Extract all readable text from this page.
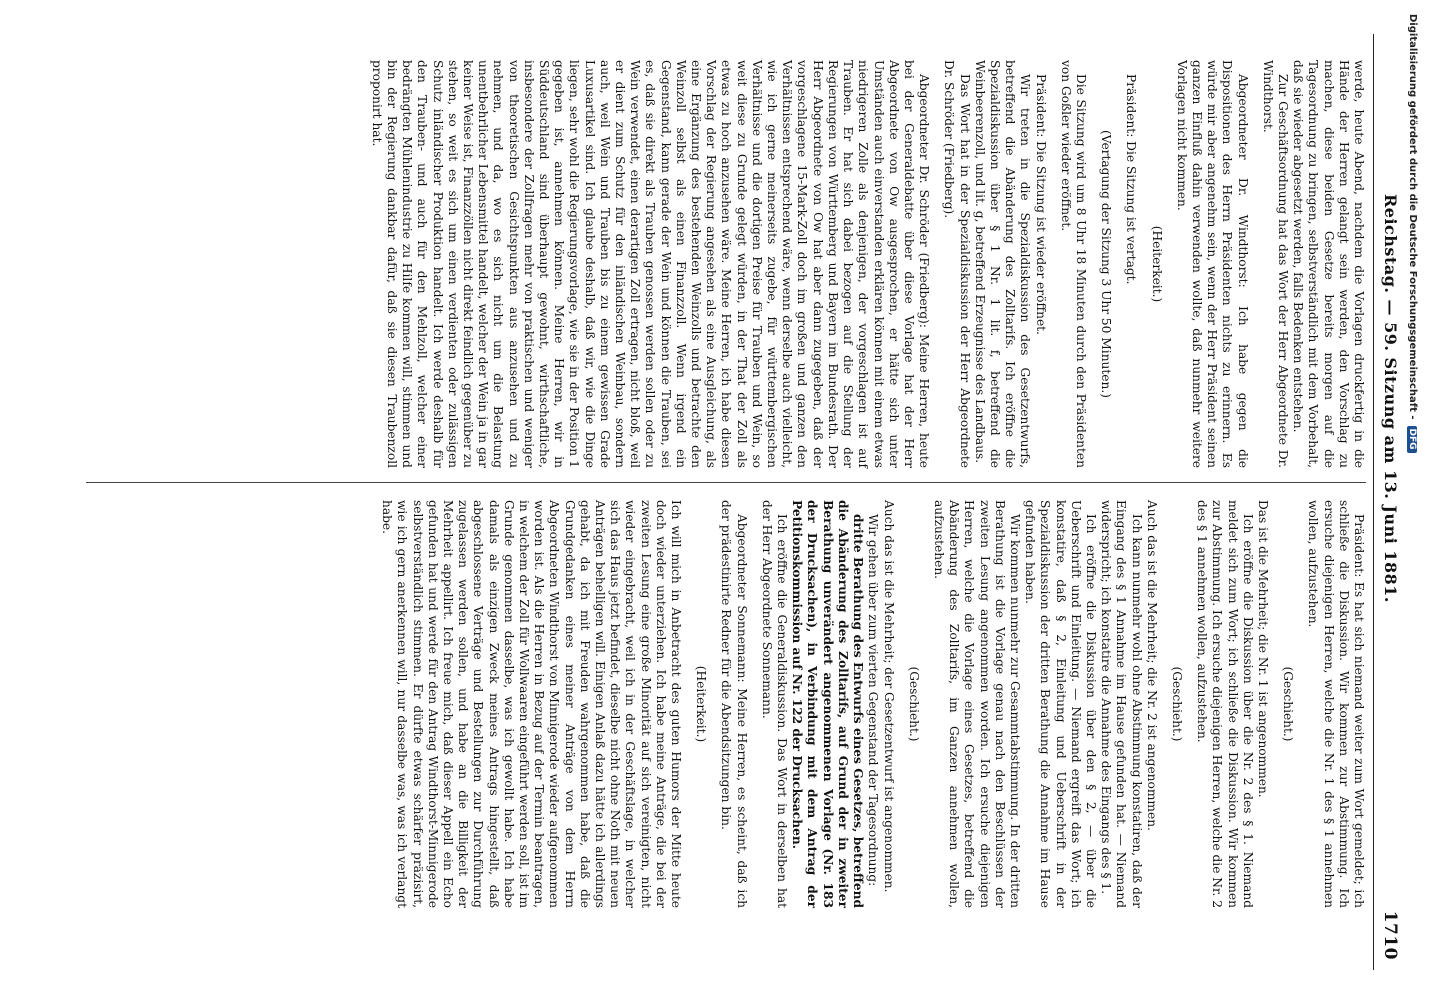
Reichstag. — 59. Sitzung am 13. Juni 1881.
1710

werde, heute Abend, nachdem die Vorlagen druckfertig in die Hände der Herren gelangt sein werden, den Vorschlag zu machen, diese beiden Gesetze bereits morgen auf die Tagesordnung zu bringen, selbstverständlich mit dem Vorbehalt, daß sie wieder abgesetzt werden, falls Bedenken entstehen.

Zur Geschäftsordnung hat das Wort der Herr Abgeordnete Dr. Windthorst.

Abgeordneter Dr. Windthorst: Ich habe gegen die Dispositionen des Herrn Präsidenten nichts zu erinnern. Es würde mir aber angenehm sein, wenn der Herr Präsident seinen ganzen Einfluß dahin verwenden wollte, daß nunmehr weitere Vorlagen nicht kommen.

(Heiterkeit.)

Präsident: Die Sitzung ist vertagt.

(Vertagung der Sitzung 3 Uhr 50 Minuten.)

Die Sitzung wird um 8 Uhr 18 Minuten durch den Präsidenten von Goßler wieder eröffnet.

Präsident: Die Sitzung ist wieder eröffnet.

Wir treten in die Spezialdiskussion des Gesetzentwurfs, betreffend die Abänderung des Zolltarifs. Ich eröffne die Spezialdiskussion über § 1 Nr. 1 lit. f, betreffend die Weinbeerenzoll, und lit. g, betreffend Erzeugnisse des Landbaus.

Das Wort hat in der Spezialdiskussion der Herr Abgeordnete Dr. Schröder (Friedberg).

Abgeordneter Dr. Schröder (Friedberg): Meine Herren, heute bei der Generaldebatte über diese Vorlage hat der Herr Abgeordnete von Ow ausgesprochen, er hätte sich unter Umständen auch einverstanden erklären können mit einem etwas niedrigeren Zolle als denjenigen, der vorgeschlagen ist auf Trauben. Er hat sich dabei bezogen auf die Stellung der Regierungen von Württemberg und Bayern im Bundesrath. Der Herr Abgeordnete von Ow hat aber dann zugegeben, daß der vorgeschlagene 15-Mark-Zoll doch im großen und ganzen den Verhältnissen entsprechend wäre, wenn derselbe auch vielleicht, wie ich gerne meinerseits zugebe, für württembergischen Verhältnisse und die dortigen Preise für Trauben und Wein, so weit diese zu Grunde gelegt würden, in der That der Zoll als etwas zu hoch anzusehen wäre. Meine Herren, ich habe diesen Vorschlag der Regierung angesehen als eine Ausgleichung, als eine Ergänzung des bestehenden Weinzolls und betrachte den Weinzoll selbst als einen Finanzzoll. Wenn irgend ein Gegenstand, kann gerade der Wein und können die Trauben, sei es, daß sie direkt als Trauben genossen werden sollen oder zu Wein verwendet, einen derartigen Zoll ertragen, nicht bloß, weil er dient zum Schutz für den inländischen Weinbau, sondern auch, weil Wein und Trauben bis zu einem gewissen Grade Luxusartikel sind. Ich glaube deshalb, daß wir, wie die Dinge liegen, sehr wohl die Regierungsvorlage, wie sie in der Position 1 gegeben ist, annehmen können. Meine Herren, wir in Süddeutschland sind überhaupt gewohnt, wirthschaftliche, insbesondere der Zollfragen mehr von praktischen und weniger von theoretischen Gesichtspunkten aus anzusehen und zu nehmen, und da, wo es sich nicht um die Belastung unentbehrlicher Lebensmittel handelt, welcher der Wein ja in gar keiner Weise ist, Finanzzöllen nicht direkt feindlich gegenüber zu stehen, so weit es sich um einen verdienten oder zulässigen Schutz inländischer Produktion handelt. Ich werde deshalb für den Trauben- und auch für den Mehlzoll, welcher einer bedrängten Mühlenindustrie zu Hilfe kommen will, stimmen und bin der Regierung dankbar dafür, daß sie diesen Traubenzoll proponirt hat.

Präsident: Es hat sich niemand weiter zum Wort gemeldet; ich schließe die Diskussion. Wir kommen zur Abstimmung. Ich ersuche diejenigen Herren, welche die Nr. 1 des § 1 annehmen wollen, aufzustehen.

(Geschieht.)

Das ist die Mehrheit; die Nr. 1 ist angenommen.

Ich eröffne die Diskussion über die Nr. 2 des § 1. Niemand meldet sich zum Wort; ich schließe die Diskussion. Wir kommen zur Abstimmung. Ich ersuche diejenigen Herren, welche die Nr. 2 des § 1 annehmen wollen, aufzustehen.

(Geschieht.)

Auch das ist die Mehrheit; die Nr. 2 ist angenommen.

Ich kann nunmehr wohl ohne Abstimmung konstatiren, daß der Eingang des § 1 Annahme im Hause gefunden hat. — Niemand widerspricht; ich konstatire die Annahme des Eingangs des § 1.

Ich eröffne die Diskussion über den § 2, — über die Ueberschrift und Einleitung. — Niemand ergreift das Wort; ich konstatire, daß § 2, Einleitung und Ueberschrift in der Spezialdiskussion der dritten Berathung die Annahme im Hause gefunden haben.

Wir kommen nunmehr zur Gesammtabstimmung. In der dritten Berathung ist die Vorlage genau nach den Beschlüssen der zweiten Lesung angenommen worden. Ich ersuche diejenigen Herren, welche die Vorlage eines Gesetzes, betreffend die Abänderung des Zolltarifs, im Ganzen annehmen wollen, aufzustehen.

(Geschieht.)

Auch das ist die Mehrheit; der Gesetzentwurf ist angenommen.

Wir gehen über zum vierten Gegenstand der Tagesordnung:

dritte Berathung des Entwurfs eines Gesetzes, betreffend die Abänderung des Zolltarifs, auf Grund der in zweiter Berathung unverändert angenommenen Vorlage (Nr. 183 der Drucksachen), in Verbindung mit dem Antrag der Petitionskommission auf Nr. 122 der Drucksachen.

Ich eröffne die Generaldiskussion. Das Wort in derselben hat der Herr Abgeordnete Sonnemann.

Abgeordneter Sonnemann: Meine Herren, es scheint, daß ich der prädestinirte Redner für die Abendsitzungen bin.

(Heiterkeit.)

Ich will mich in Anbetracht des guten Humors der Mitte heute doch wieder unterziehen. Ich habe meine Anträge, die bei der zweiten Lesung eine große Minorität auf sich vereinigten, nicht wieder eingebracht, weil ich in der Geschäftslage, in welcher sich das Haus jetzt befindet, dieselbe nicht ohne Noth mit neuen Anträgen behelligen will. Einigen Anlaß dazu hätte ich allerdings gehabt, da ich mit Freuden wahrgenommen habe, daß die Grundgedanken eines meiner Anträge von dem Herrn Abgeordneten Windthorst von Minnigerode wieder aufgenommen worden ist. Als die Herren in Bezug auf der Termin beantragen, in welchem der Zoll für Wollwaaren eingeführt werden soll, ist im Grunde genommen dasselbe, was ich gewollt habe. Ich habe damals als einzigen Zweck meines Antrags hingestellt, daß abgeschlossene Verträge und Bestellungen zur Durchführung zugelassen werden sollen, und habe an die Billigkeit der Mehrheit appellirt. Ich freue mich, daß dieser Appell ein Echo gefunden hat und werde für den Antrag Windthorst-Minnigerode selbstverständlich stimmen. Er dürfte etwas schärfer präzisirt, wie ich gern anerkennen will, nur dasselbe was, was ich verlangt habe.

Digitalisierung gefördert durch die Deutsche Forschungsgemeinschaft -DFG
